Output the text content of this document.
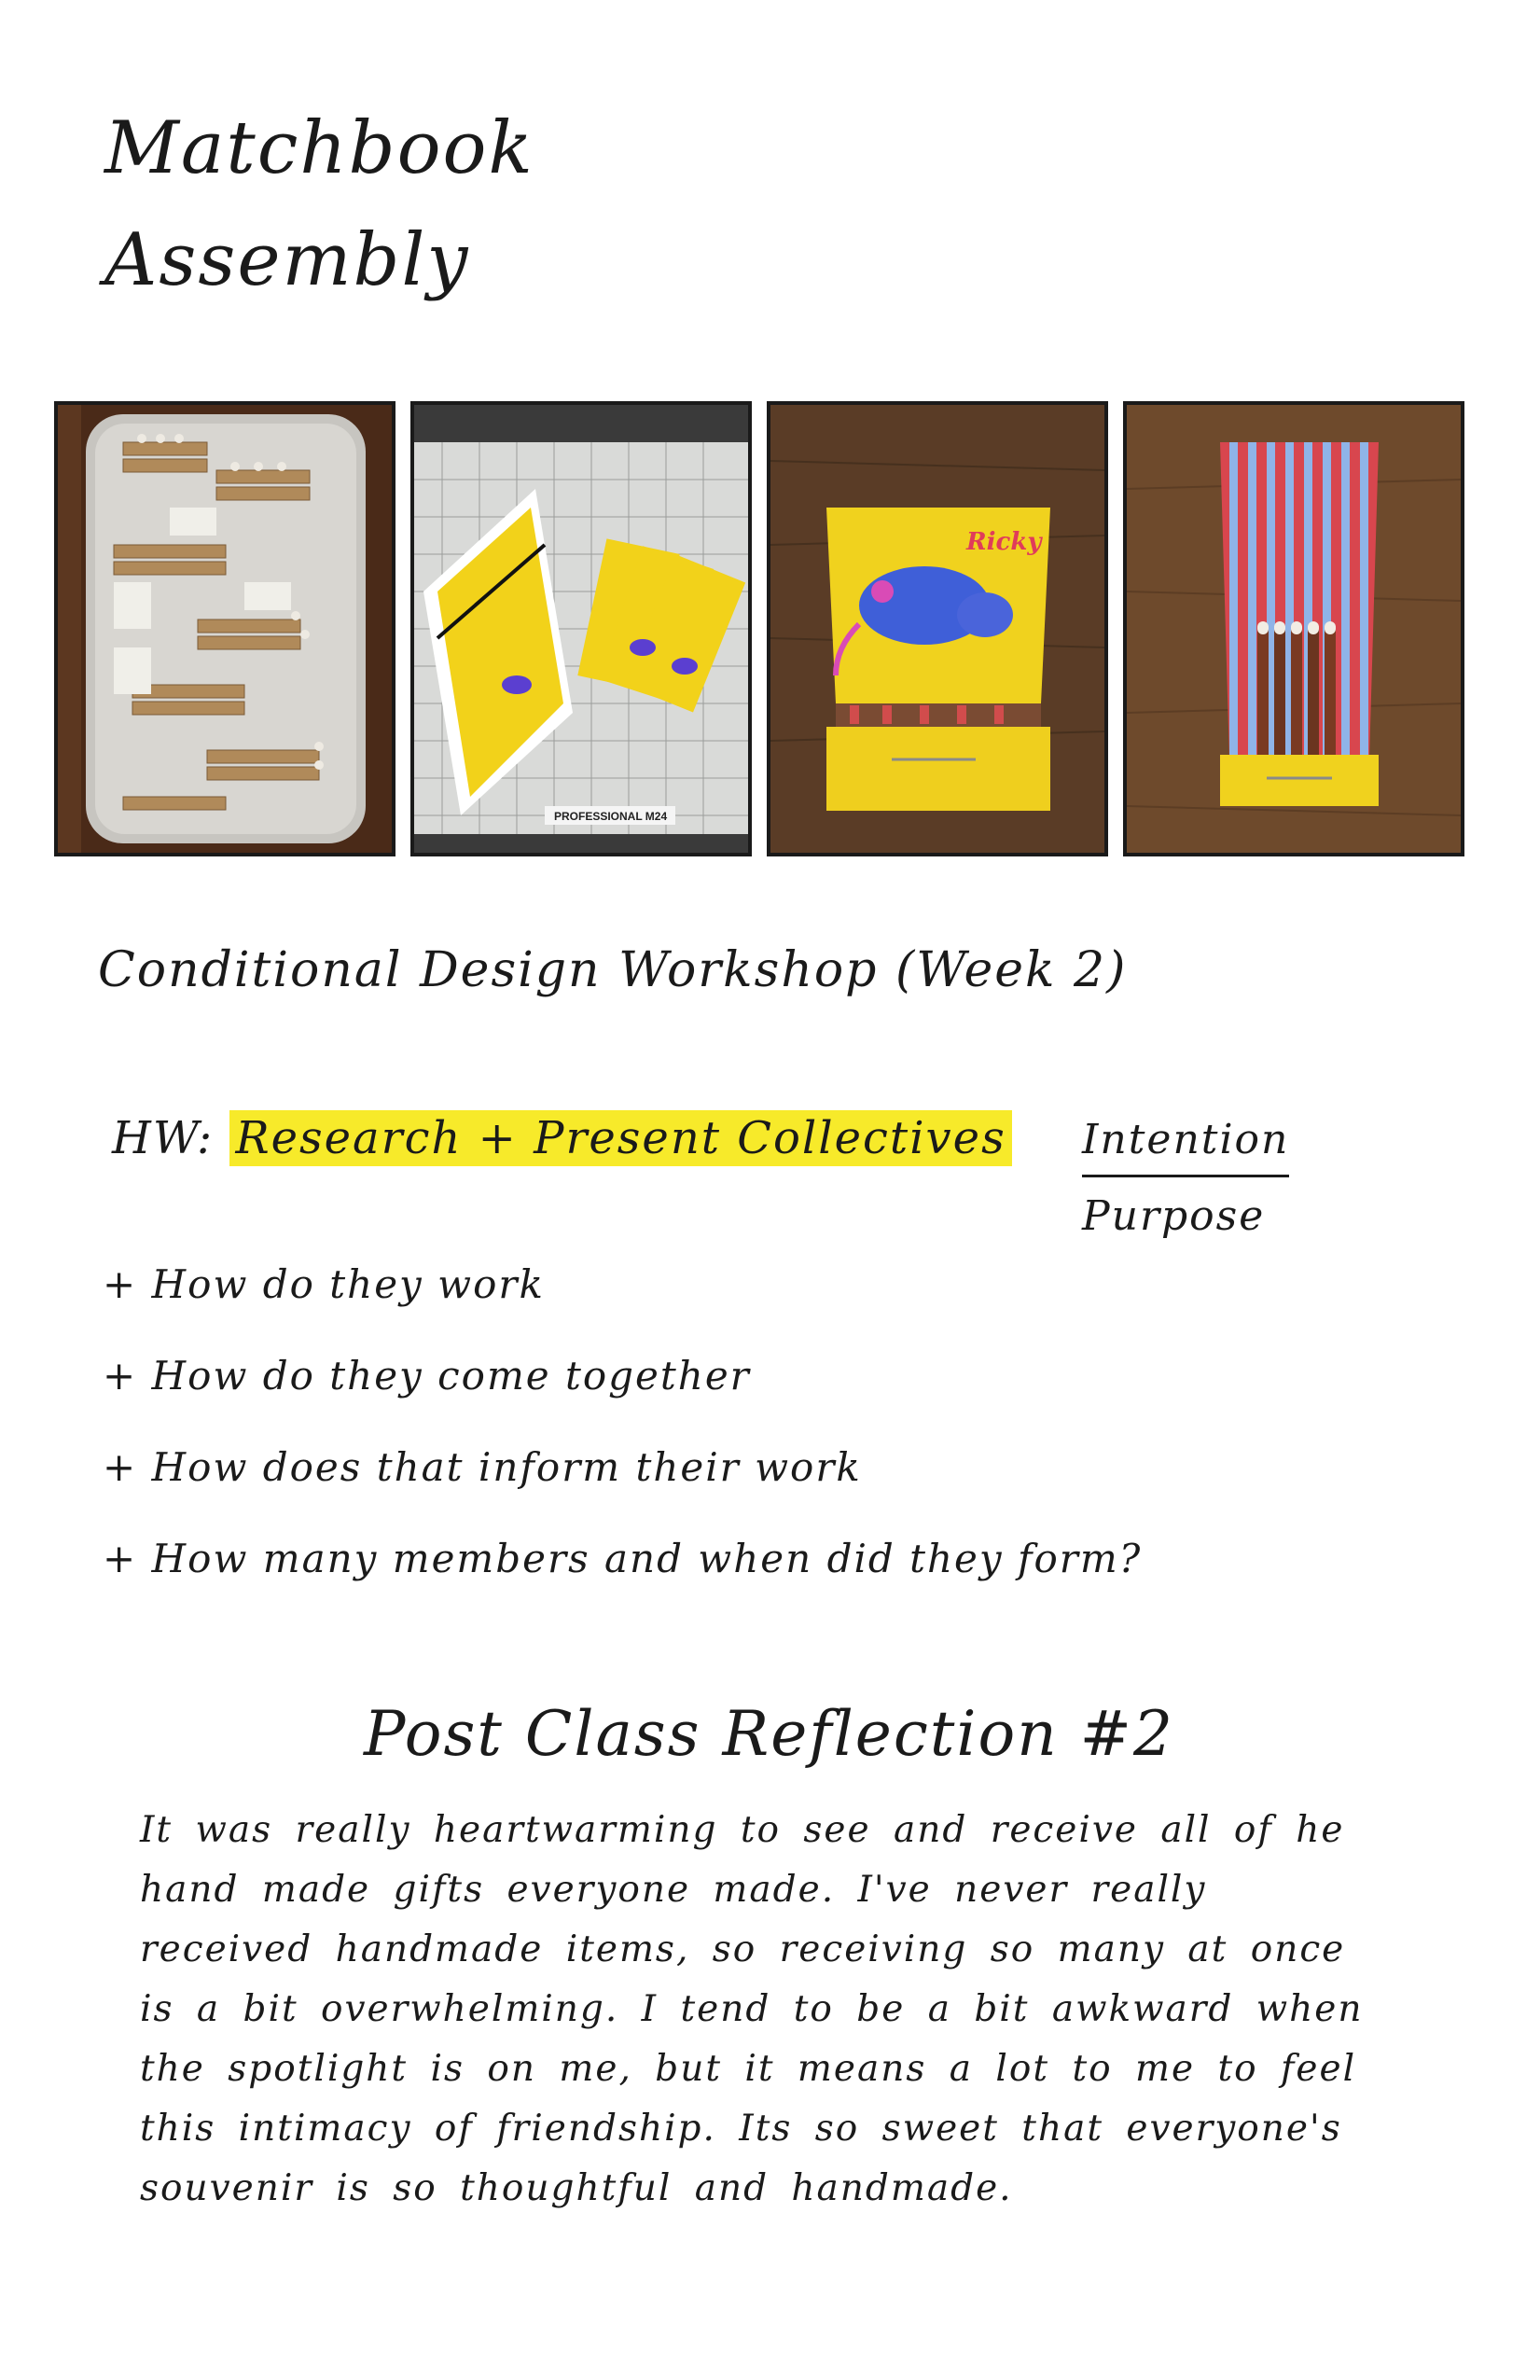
Matchbook
Assembly
PROFESSIONAL M24
Ricky
Conditional Design Workshop (Week 2)
HW: Research + Present Collectives Intention
Purpose
+ How do they work
+ How do they come together
+ How does that inform their work
+ How many members and when did they form?
Post Class Reflection #2
It was really heartwarming to see and receive all of he hand made gifts everyone made. I've never really received handmade items, so receiving so many at once is a bit overwhelming. I tend to be a bit awkward when the spotlight is on me, but it means a lot to me to feel this intimacy of friendship. Its so sweet that everyone's souvenir is so thoughtful and handmade.
